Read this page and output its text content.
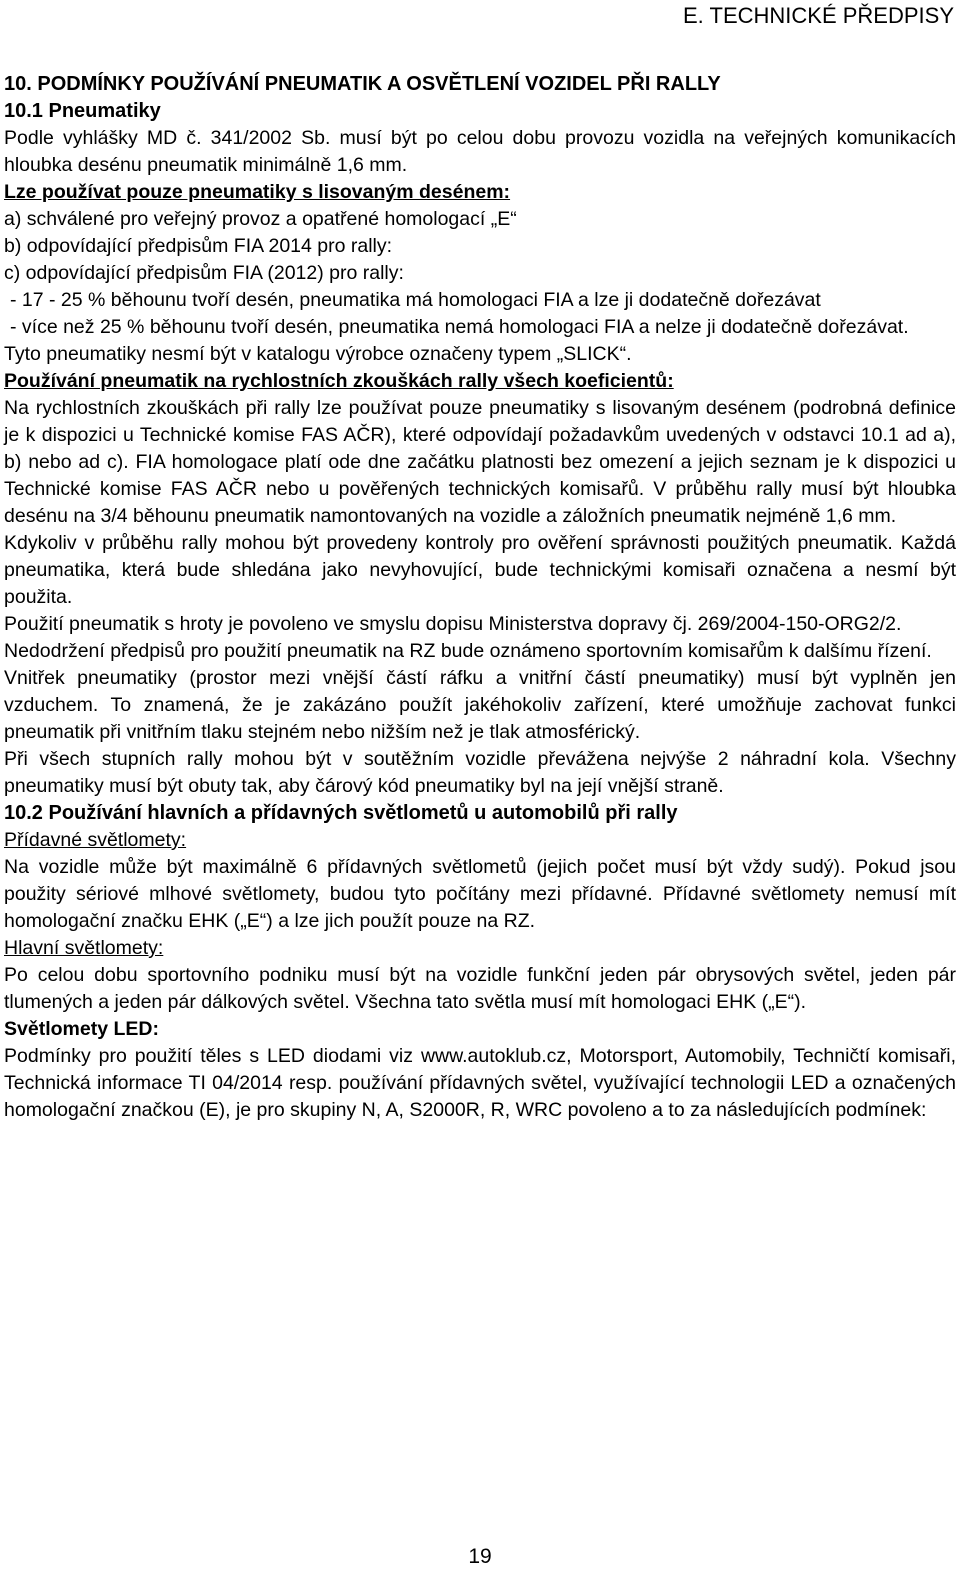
E. TECHNICKÉ PŘEDPISY

10. PODMÍNKY POUŽÍVÁNÍ PNEUMATIK A OSVĚTLENÍ VOZIDEL PŘI RALLY

10.1 Pneumatiky

Podle vyhlášky MD č. 341/2002 Sb. musí být po celou dobu provozu vozidla na veřejných komunikacích hloubka desénu pneumatik minimálně 1,6 mm.

Lze používat pouze pneumatiky s lisovaným desénem:

a) schválené pro veřejný provoz a opatřené homologací „E“

b) odpovídající předpisům FIA 2014 pro rally:

c) odpovídající předpisům FIA (2012) pro rally:

- 17 - 25 % běhounu tvoří desén, pneumatika má homologaci FIA a lze ji dodatečně dořezávat

- více než 25 % běhounu tvoří desén, pneumatika nemá homologaci FIA a nelze ji dodatečně dořezávat.

Tyto pneumatiky nesmí být v katalogu výrobce označeny typem „SLICK“.

Používání pneumatik na rychlostních zkouškách rally všech koeficientů:

Na rychlostních zkouškách při rally lze používat pouze pneumatiky s lisovaným desénem (podrobná definice je k dispozici u Technické komise FAS AČR), které odpovídají požadavkům uvedených v odstavci 10.1 ad a), b) nebo ad c). FIA homologace platí ode dne začátku platnosti bez omezení a jejich seznam je k dispozici u Technické komise FAS AČR nebo u pověřených technických komisařů. V průběhu rally musí být hloubka desénu na 3/4 běhounu pneumatik namontovaných na vozidle a záložních pneumatik nejméně 1,6 mm.

Kdykoliv v průběhu rally mohou být provedeny kontroly pro ověření správnosti použitých pneumatik. Každá pneumatika, která bude shledána jako nevyhovující, bude technickými komisaři označena a nesmí být použita.

Použití pneumatik s hroty je povoleno ve smyslu dopisu Ministerstva dopravy čj. 269/2004-150-ORG2/2.

Nedodržení předpisů pro použití pneumatik na RZ bude oznámeno sportovním komisařům k dalšímu řízení.

Vnitřek pneumatiky (prostor mezi vnější částí ráfku a vnitřní částí pneumatiky) musí být vyplněn jen vzduchem. To znamená, že je zakázáno použít jakéhokoliv zařízení, které umožňuje zachovat funkci pneumatik při vnitřním tlaku stejném nebo nižším než je tlak atmosférický.

Při všech stupních rally mohou být v soutěžním vozidle převážena nejvýše 2 náhradní kola. Všechny pneumatiky musí být obuty tak, aby čárový kód pneumatiky byl na její vnější straně.

10.2 Používání hlavních a přídavných světlometů u automobilů při rally

Přídavné světlomety:

Na vozidle může být maximálně 6 přídavných světlometů (jejich počet musí být vždy sudý). Pokud jsou použity sériové mlhové světlomety, budou tyto počítány mezi přídavné. Přídavné světlomety nemusí mít homologační značku EHK („E“) a lze jich použít pouze na RZ.

Hlavní světlomety:

Po celou dobu sportovního podniku musí být na vozidle funkční jeden pár obrysových světel, jeden pár tlumených a jeden pár dálkových světel. Všechna tato světla musí mít homologaci EHK („E“).

Světlomety LED:

Podmínky pro použití těles s LED diodami viz www.autoklub.cz, Motorsport, Automobily, Techničtí komisaři, Technická informace TI 04/2014 resp. používání přídavných světel, využívající technologii LED a označených homologační značkou (E), je pro skupiny N, A, S2000R, R, WRC povoleno a to za následujících podmínek:

19
